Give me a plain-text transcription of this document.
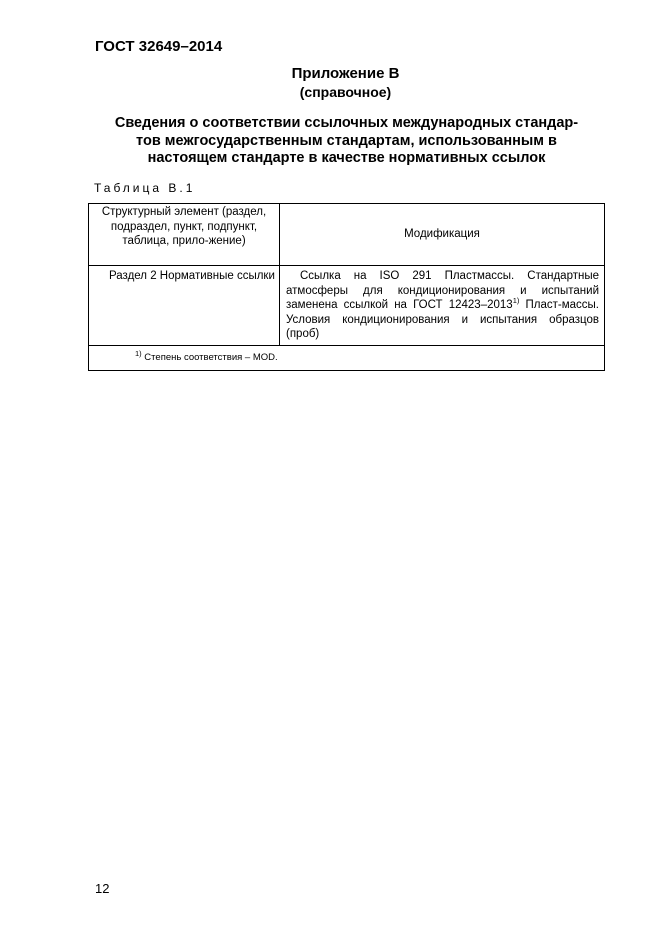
ГОСТ 32649–2014
Приложение В
(справочное)
Сведения о соответствии ссылочных международных стандар-
тов межгосударственным стандартам, использованным в
настоящем стандарте в качестве нормативных ссылок
Таблица В.1
Структурный элемент (раздел, подраздел, пункт, подпункт, таблица, прило-жение)	Модификация
Раздел 2 Нормативные ссылки	Ссылка на ISO 291 Пластмассы. Стандартные атмосферы для кондиционирования и испытаний заменена ссылкой на ГОСТ 12423–2013$^{1)}$ Пласт-массы. Условия кондиционирования и испытания образцов (проб)
$^{1)}$ Степень соответствия – MOD.	
12
